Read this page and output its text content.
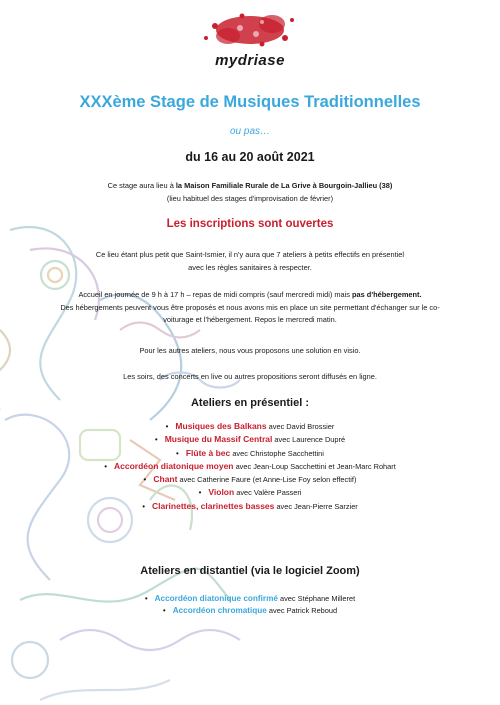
mydriase
XXXème Stage de Musiques Traditionnelles
ou pas…
du 16 au 20 août 2021
Ce stage aura lieu à la Maison Familiale Rurale de La Grive à Bourgoin-Jallieu (38)
(lieu habituel des stages d'improvisation de février)
Les inscriptions sont ouvertes
Ce lieu étant plus petit que Saint-Ismier, il n'y aura que 7 ateliers à petits effectifs en présentiel
avec les règles sanitaires à respecter.
Accueil en journée de 9 h à 17 h – repas de midi compris (sauf mercredi midi) mais pas d'hébergement.
Des hébergements peuvent vous être proposés et nous avons mis en place un site permettant d'échanger sur le co-
voiturage et l'hébergement. Repos le mercredi matin.
Pour les autres ateliers, nous vous proposons une solution en visio.
Les soirs, des concerts en live ou autres propositions seront diffusés en ligne.
Ateliers en présentiel :
• Musiques des Balkans avec David Brossier
• Musique du Massif Central avec Laurence Dupré
• Flûte à bec avec Christophe Sacchettini
• Accordéon diatonique moyen avec Jean-Loup Sacchettini et Jean-Marc Rohart
• Chant avec Catherine Faure (et Anne-Lise Foy selon effectif)
• Violon avec Valère Passeri
• Clarinettes, clarinettes basses avec Jean-Pierre Sarzier
Ateliers en distantiel (via le logiciel Zoom)
• Accordéon diatonique confirmé avec Stéphane Milleret
• Accordéon chromatique avec Patrick Reboud
